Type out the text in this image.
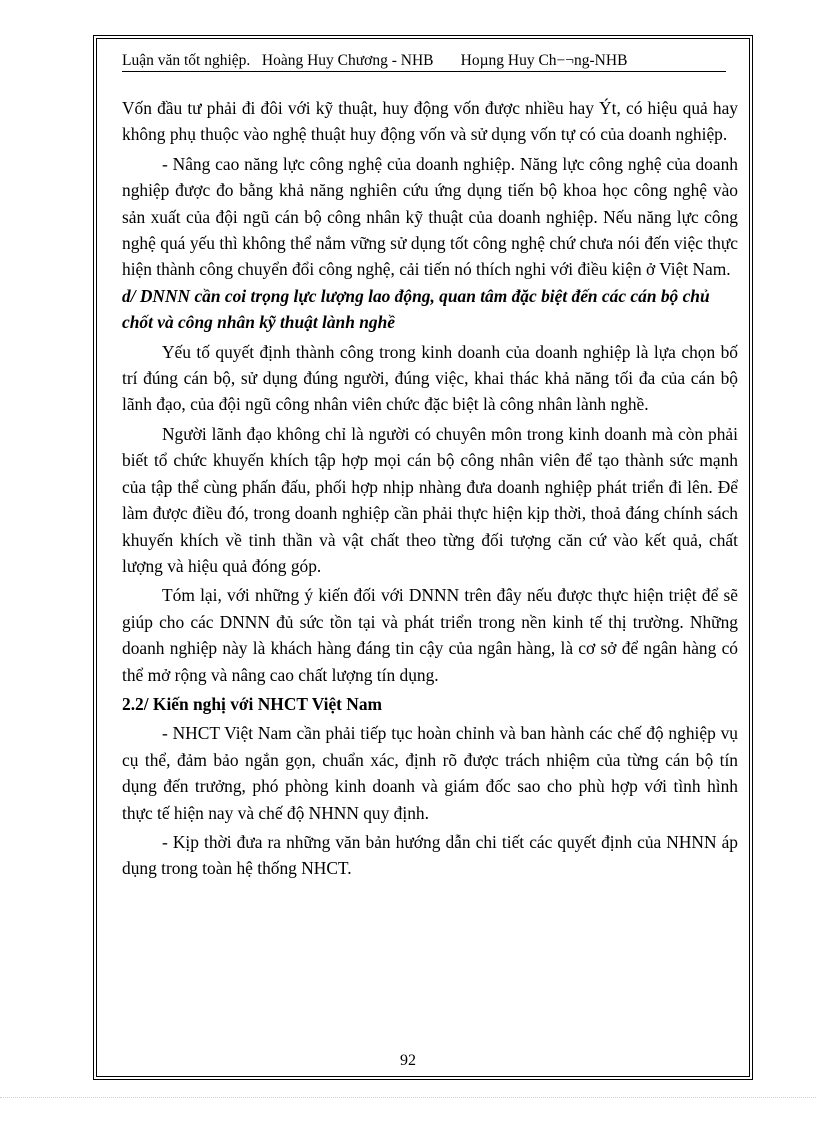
Luận văn tốt nghiệp. Hoàng Huy Chương - NHB Hoµng Huy Ch−¬ng-NHB

Vốn đầu tư phải đi đôi với kỹ thuật, huy động vốn được nhiều hay Ýt, có hiệu quả hay không phụ thuộc vào nghệ thuật huy động vốn và sử dụng vốn tự có của doanh nghiệp.

- Nâng cao năng lực công nghệ của doanh nghiệp. Năng lực công nghệ của doanh nghiệp được đo bằng khả năng nghiên cứu ứng dụng tiến bộ khoa học công nghệ vào sản xuất của đội ngũ cán bộ công nhân kỹ thuật của doanh nghiệp. Nếu năng lực công nghệ quá yếu thì không thể nắm vững sử dụng tốt công nghệ chứ chưa nói đến việc thực hiện thành công chuyển đổi công nghệ, cải tiến nó thích nghi với điều kiện ở Việt Nam.

d/ DNNN cần coi trọng lực lượng lao động, quan tâm đặc biệt đến các cán bộ chủ chốt và công nhân kỹ thuật lành nghề

Yếu tố quyết định thành công trong kinh doanh của doanh nghiệp là lựa chọn bố trí đúng cán bộ, sử dụng đúng người, đúng việc, khai thác khả năng tối đa của cán bộ lãnh đạo, của đội ngũ công nhân viên chức đặc biệt là công nhân lành nghề.

Người lãnh đạo không chỉ là người có chuyên môn trong kinh doanh mà còn phải biết tổ chức khuyến khích tập hợp mọi cán bộ công nhân viên để tạo thành sức mạnh của tập thể cùng phấn đấu, phối hợp nhịp nhàng đưa doanh nghiệp phát triển đi lên. Để làm được điều đó, trong doanh nghiệp cần phải thực hiện kịp thời, thoả đáng chính sách khuyến khích về tinh thần và vật chất theo từng đối tượng căn cứ vào kết quả, chất lượng và hiệu quả đóng góp.

Tóm lại, với những ý kiến đối với DNNN trên đây nếu được thực hiện triệt để sẽ giúp cho các DNNN đủ sức tồn tại và phát triển trong nền kinh tế thị trường. Những doanh nghiệp này là khách hàng đáng tin cậy của ngân hàng, là cơ sở để ngân hàng có thể mở rộng và nâng cao chất lượng tín dụng.

2.2/ Kiến nghị với NHCT Việt Nam

- NHCT Việt Nam cần phải tiếp tục hoàn chỉnh và ban hành các chế độ nghiệp vụ cụ thể, đảm bảo ngắn gọn, chuẩn xác, định rõ được trách nhiệm của từng cán bộ tín dụng đến trưởng, phó phòng kinh doanh và giám đốc sao cho phù hợp với tình hình thực tế hiện nay và chế độ NHNN quy định.

- Kịp thời đưa ra những văn bản hướng dẫn chi tiết các quyết định của NHNN áp dụng trong toàn hệ thống NHCT.

92
